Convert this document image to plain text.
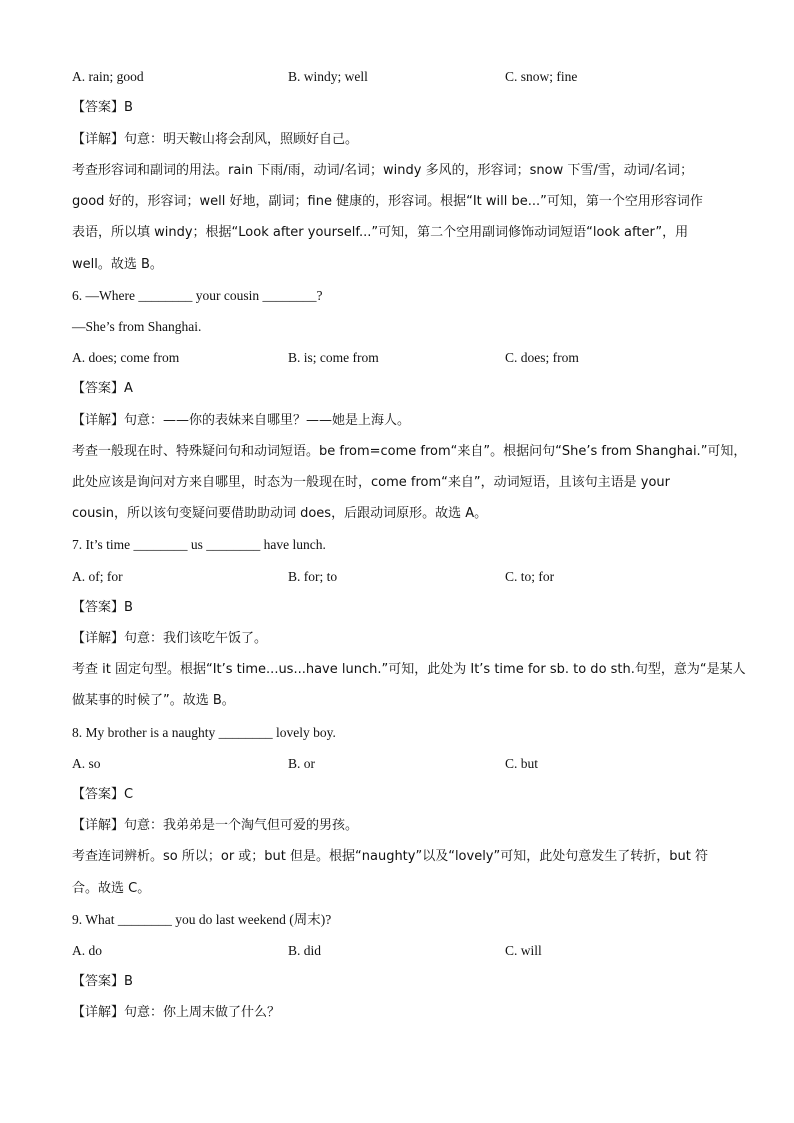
A. rain; good	B. windy; well	C. snow; fine
【答案】B
【详解】句意：明天鞍山将会刮风，照顾好自己。
考查形容词和副词的用法。rain 下雨/雨，动词/名词；windy 多风的，形容词；snow 下雪/雪，动词/名词；
good 好的，形容词；well 好地，副词；fine 健康的，形容词。根据“It will be...”可知，第一个空用形容词作
表语，所以填 windy；根据“Look after yourself...”可知，第二个空用副词修饰动词短语“look after”，用
well。故选 B。
6. —Where ________ your cousin ________?
—She’s from Shanghai.
A. does; come from	B. is; come from	C. does; from
【答案】A
【详解】句意：——你的表妹来自哪里？——她是上海人。
考查一般现在时、特殊疑问句和动词短语。be from=come from“来自”。根据问句“She’s from Shanghai.”可知，
此处应该是询问对方来自哪里，时态为一般现在时，come from“来自”，动词短语，且该句主语是 your
cousin，所以该句变疑问要借助助动词 does，后跟动词原形。故选 A。
7. It’s time ________ us ________ have lunch.
A. of; for	B. for; to	C. to; for
【答案】B
【详解】句意：我们该吃午饭了。
考查 it 固定句型。根据“It’s time...us...have lunch.”可知，此处为 It’s time for sb. to do sth.句型，意为“是某人
做某事的时候了”。故选 B。
8. My brother is a naughty ________ lovely boy.
A. so	B. or	C. but
【答案】C
【详解】句意：我弟弟是一个淘气但可爱的男孩。
考查连词辨析。so 所以；or 或；but 但是。根据“naughty”以及“lovely”可知，此处句意发生了转折，but 符
合。故选 C。
9. What ________ you do last weekend (周末)?
A. do	B. did	C. will
【答案】B
【详解】句意：你上周末做了什么？
